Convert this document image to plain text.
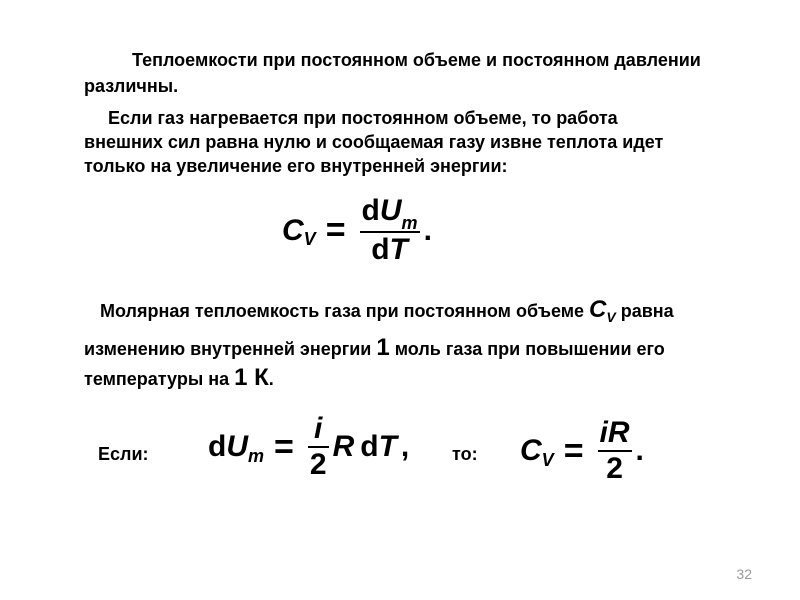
Теплоемкости при постоянном объеме и постоянном давлении
различны.
Если газ нагревается при постоянном объеме, то работа
внешних сил равна нулю и сообщаемая газу извне теплота идет
только на увеличение его внутренней энергии:
C $V = \frac{dU_m}{dT}$ .
Молярная теплоемкость газа при постоянном объеме $C_V$ равна
изменению внутренней энергии 1 моль газа при повышении его
температуры на 1 К.
Если: d U $m = \frac{i}{2}$ R d T , то: C $V = \frac{iR}{2}$ .
32
